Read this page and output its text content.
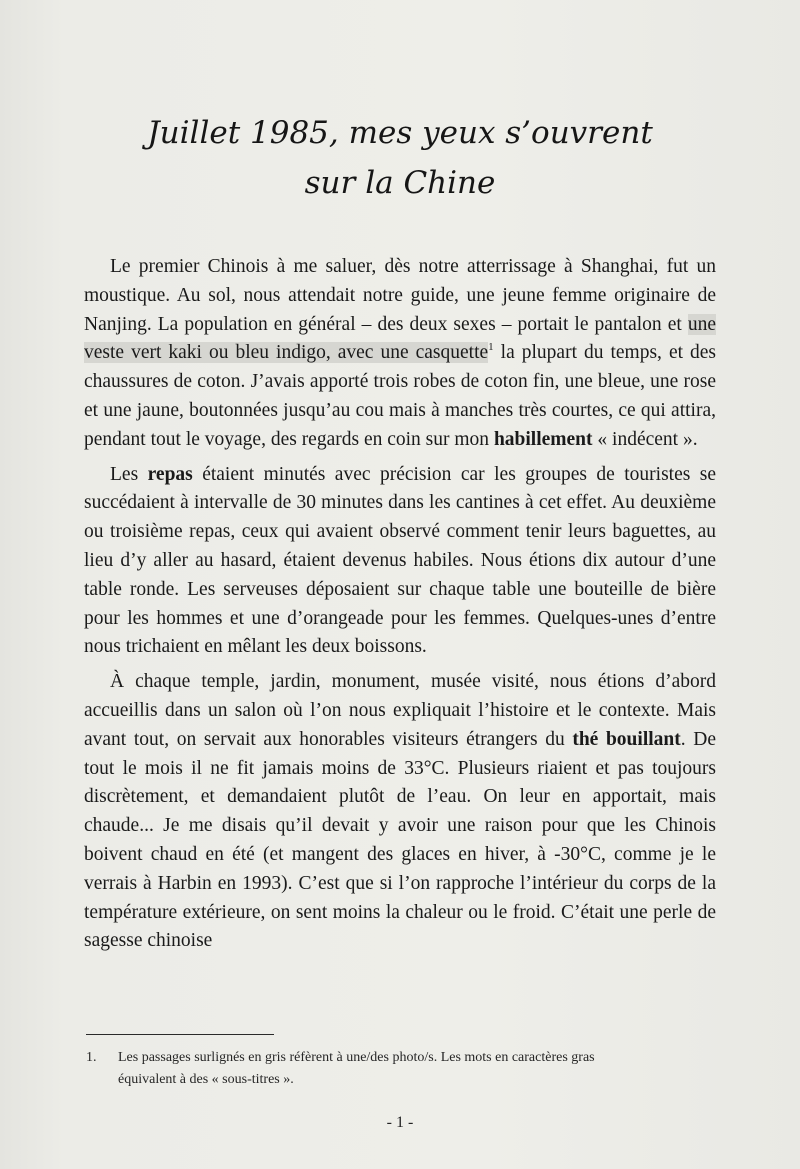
Juillet 1985, mes yeux s’ouvrent
sur la Chine

Le premier Chinois à me saluer, dès notre atterrissage à Shanghai, fut un moustique. Au sol, nous attendait notre guide, une jeune femme originaire de Nanjing. La population en général – des deux sexes – portait le pantalon et une veste vert kaki ou bleu indigo, avec une casquette$^1$ la plupart du temps, et des chaussures de coton. J’avais apporté trois robes de coton fin, une bleue, une rose et une jaune, boutonnées jusqu’au cou mais à manches très courtes, ce qui attira, pendant tout le voyage, des regards en coin sur mon habillement « indécent ».

Les repas étaient minutés avec précision car les groupes de touristes se succédaient à intervalle de 30 minutes dans les cantines à cet effet. Au deuxième ou troisième repas, ceux qui avaient observé comment tenir leurs baguettes, au lieu d’y aller au hasard, étaient devenus habiles. Nous étions dix autour d’une table ronde. Les serveuses déposaient sur chaque table une bouteille de bière pour les hommes et une d’orangeade pour les femmes. Quelques-unes d’entre nous trichaient en mêlant les deux boissons.

À chaque temple, jardin, monument, musée visité, nous étions d’abord accueillis dans un salon où l’on nous expliquait l’histoire et le contexte. Mais avant tout, on servait aux honorables visiteurs étrangers du thé bouillant. De tout le mois il ne fit jamais moins de 33°C. Plusieurs riaient et pas toujours discrètement, et demandaient plutôt de l’eau. On leur en apportait, mais chaude... Je me disais qu’il devait y avoir une raison pour que les Chinois boivent chaud en été (et mangent des glaces en hiver, à -30°C, comme je le verrais à Harbin en 1993). C’est que si l’on rapproche l’intérieur du corps de la température extérieure, on sent moins la chaleur ou le froid. C’était une perle de sagesse chinoise

1. Les passages surlignés en gris réfèrent à une/des photo/s. Les mots en caractères gras
équivalent à des « sous-titres ».
- 1 -
